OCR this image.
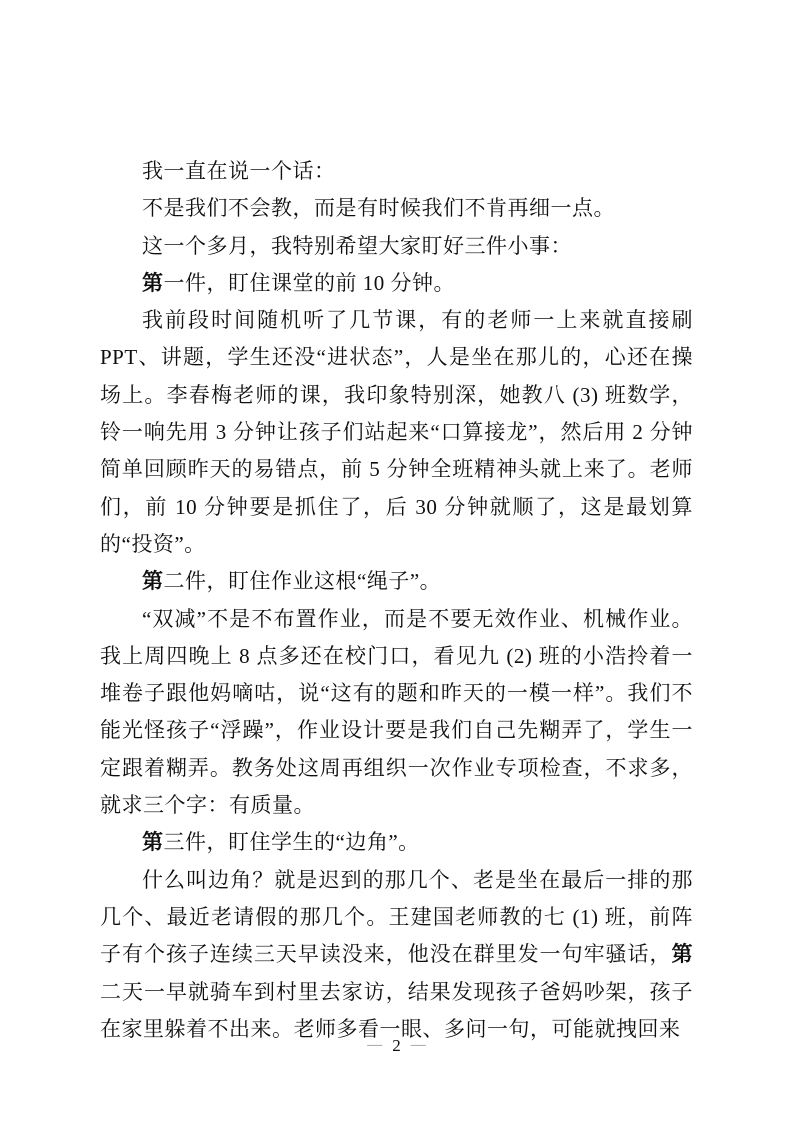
我一直在说一个话：

不是我们不会教，而是有时候我们不肯再细一点。

这一个多月，我特别希望大家盯好三件小事：

第一件，盯住课堂的前 10 分钟。

我前段时间随机听了几节课，有的老师一上来就直接刷 PPT、讲题，学生还没“进状态”，人是坐在那儿的，心还在操场上。李春梅老师的课，我印象特别深，她教八 (3) 班数学，铃一响先用 3 分钟让孩子们站起来“口算接龙”，然后用 2 分钟简单回顾昨天的易错点，前 5 分钟全班精神头就上来了。老师们，前 10 分钟要是抓住了，后 30 分钟就顺了，这是最划算的“投资”。

第二件，盯住作业这根“绳子”。

“双减”不是不布置作业，而是不要无效作业、机械作业。我上周四晚上 8 点多还在校门口，看见九 (2) 班的小浩拎着一堆卷子跟他妈嘀咕，说“这有的题和昨天的一模一样”。我们不能光怪孩子“浮躁”，作业设计要是我们自己先糊弄了，学生一定跟着糊弄。教务处这周再组织一次作业专项检查，不求多，就求三个字：有质量。

第三件，盯住学生的“边角”。

什么叫边角？就是迟到的那几个、老是坐在最后一排的那几个、最近老请假的那几个。王建国老师教的七 (1) 班，前阵子有个孩子连续三天早读没来，他没在群里发一句牢骚话，第二天一早就骑车到村里去家访，结果发现孩子爸妈吵架，孩子在家里躲着不出来。老师多看一眼、多问一句，可能就拽回来

— 2 —
